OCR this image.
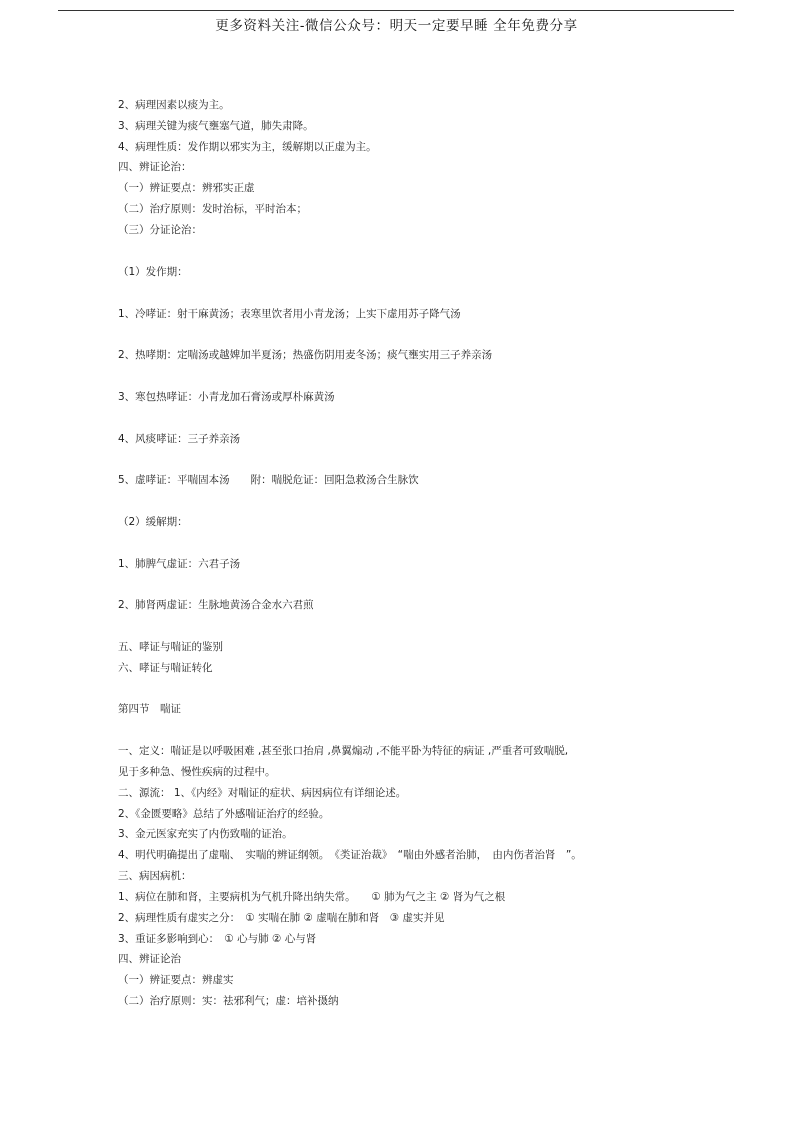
更多资料关注-微信公众号：明天一定要早睡 全年免费分享
2、病理因素以痰为主。
3、病理关键为痰气壅塞气道，肺失肃降。
4、病理性质：发作期以邪实为主，缓解期以正虚为主。
四、辨证论治：
（一）辨证要点：辨邪实正虚
（二）治疗原则：发时治标，平时治本；
（三）分证论治：
（1）发作期：
1、冷哮证：射干麻黄汤；表寒里饮者用小青龙汤；上实下虚用苏子降气汤
2、热哮期：定喘汤或越婢加半夏汤；热盛伤阴用麦冬汤；痰气壅实用三子养亲汤
3、寒包热哮证：小青龙加石膏汤或厚朴麻黄汤
4、风痰哮证：三子养亲汤
5、虚哮证：平喘固本汤　　附：喘脱危证：回阳急救汤合生脉饮
（2）缓解期：
1、肺脾气虚证：六君子汤
2、肺肾两虚证：生脉地黄汤合金水六君煎
五、哮证与喘证的鉴别
六、哮证与喘证转化
第四节　喘证
一、定义：喘证是以呼吸困难 ,甚至张口抬肩 ,鼻翼煽动 ,不能平卧为特征的病证 ,严重者可致喘脱,
见于多种急、慢性疾病的过程中。
二、源流： 1、《内经》对喘证的症状、病因病位有详细论述。
2、《金匮要略》总结了外感喘证治疗的经验。
3、金元医家充实了内伤致喘的证治。
4、明代明确提出了虚喘、　实喘的辨证纲领。　《类证治裁》　“喘由外感者治肺，　由内伤者治肾　”。
三、病因病机：
1、病位在肺和肾，主要病机为气机升降出纳失常。　　① 肺为气之主 ② 肾为气之根
2、病理性质有虚实之分：　① 实喘在肺 ② 虚喘在肺和肾　③ 虚实并见
3、重证多影响到心：　① 心与肺 ② 心与肾
四、辨证论治
（一）辨证要点：辨虚实
（二）治疗原则：实：祛邪利气；虚：培补摄纳
